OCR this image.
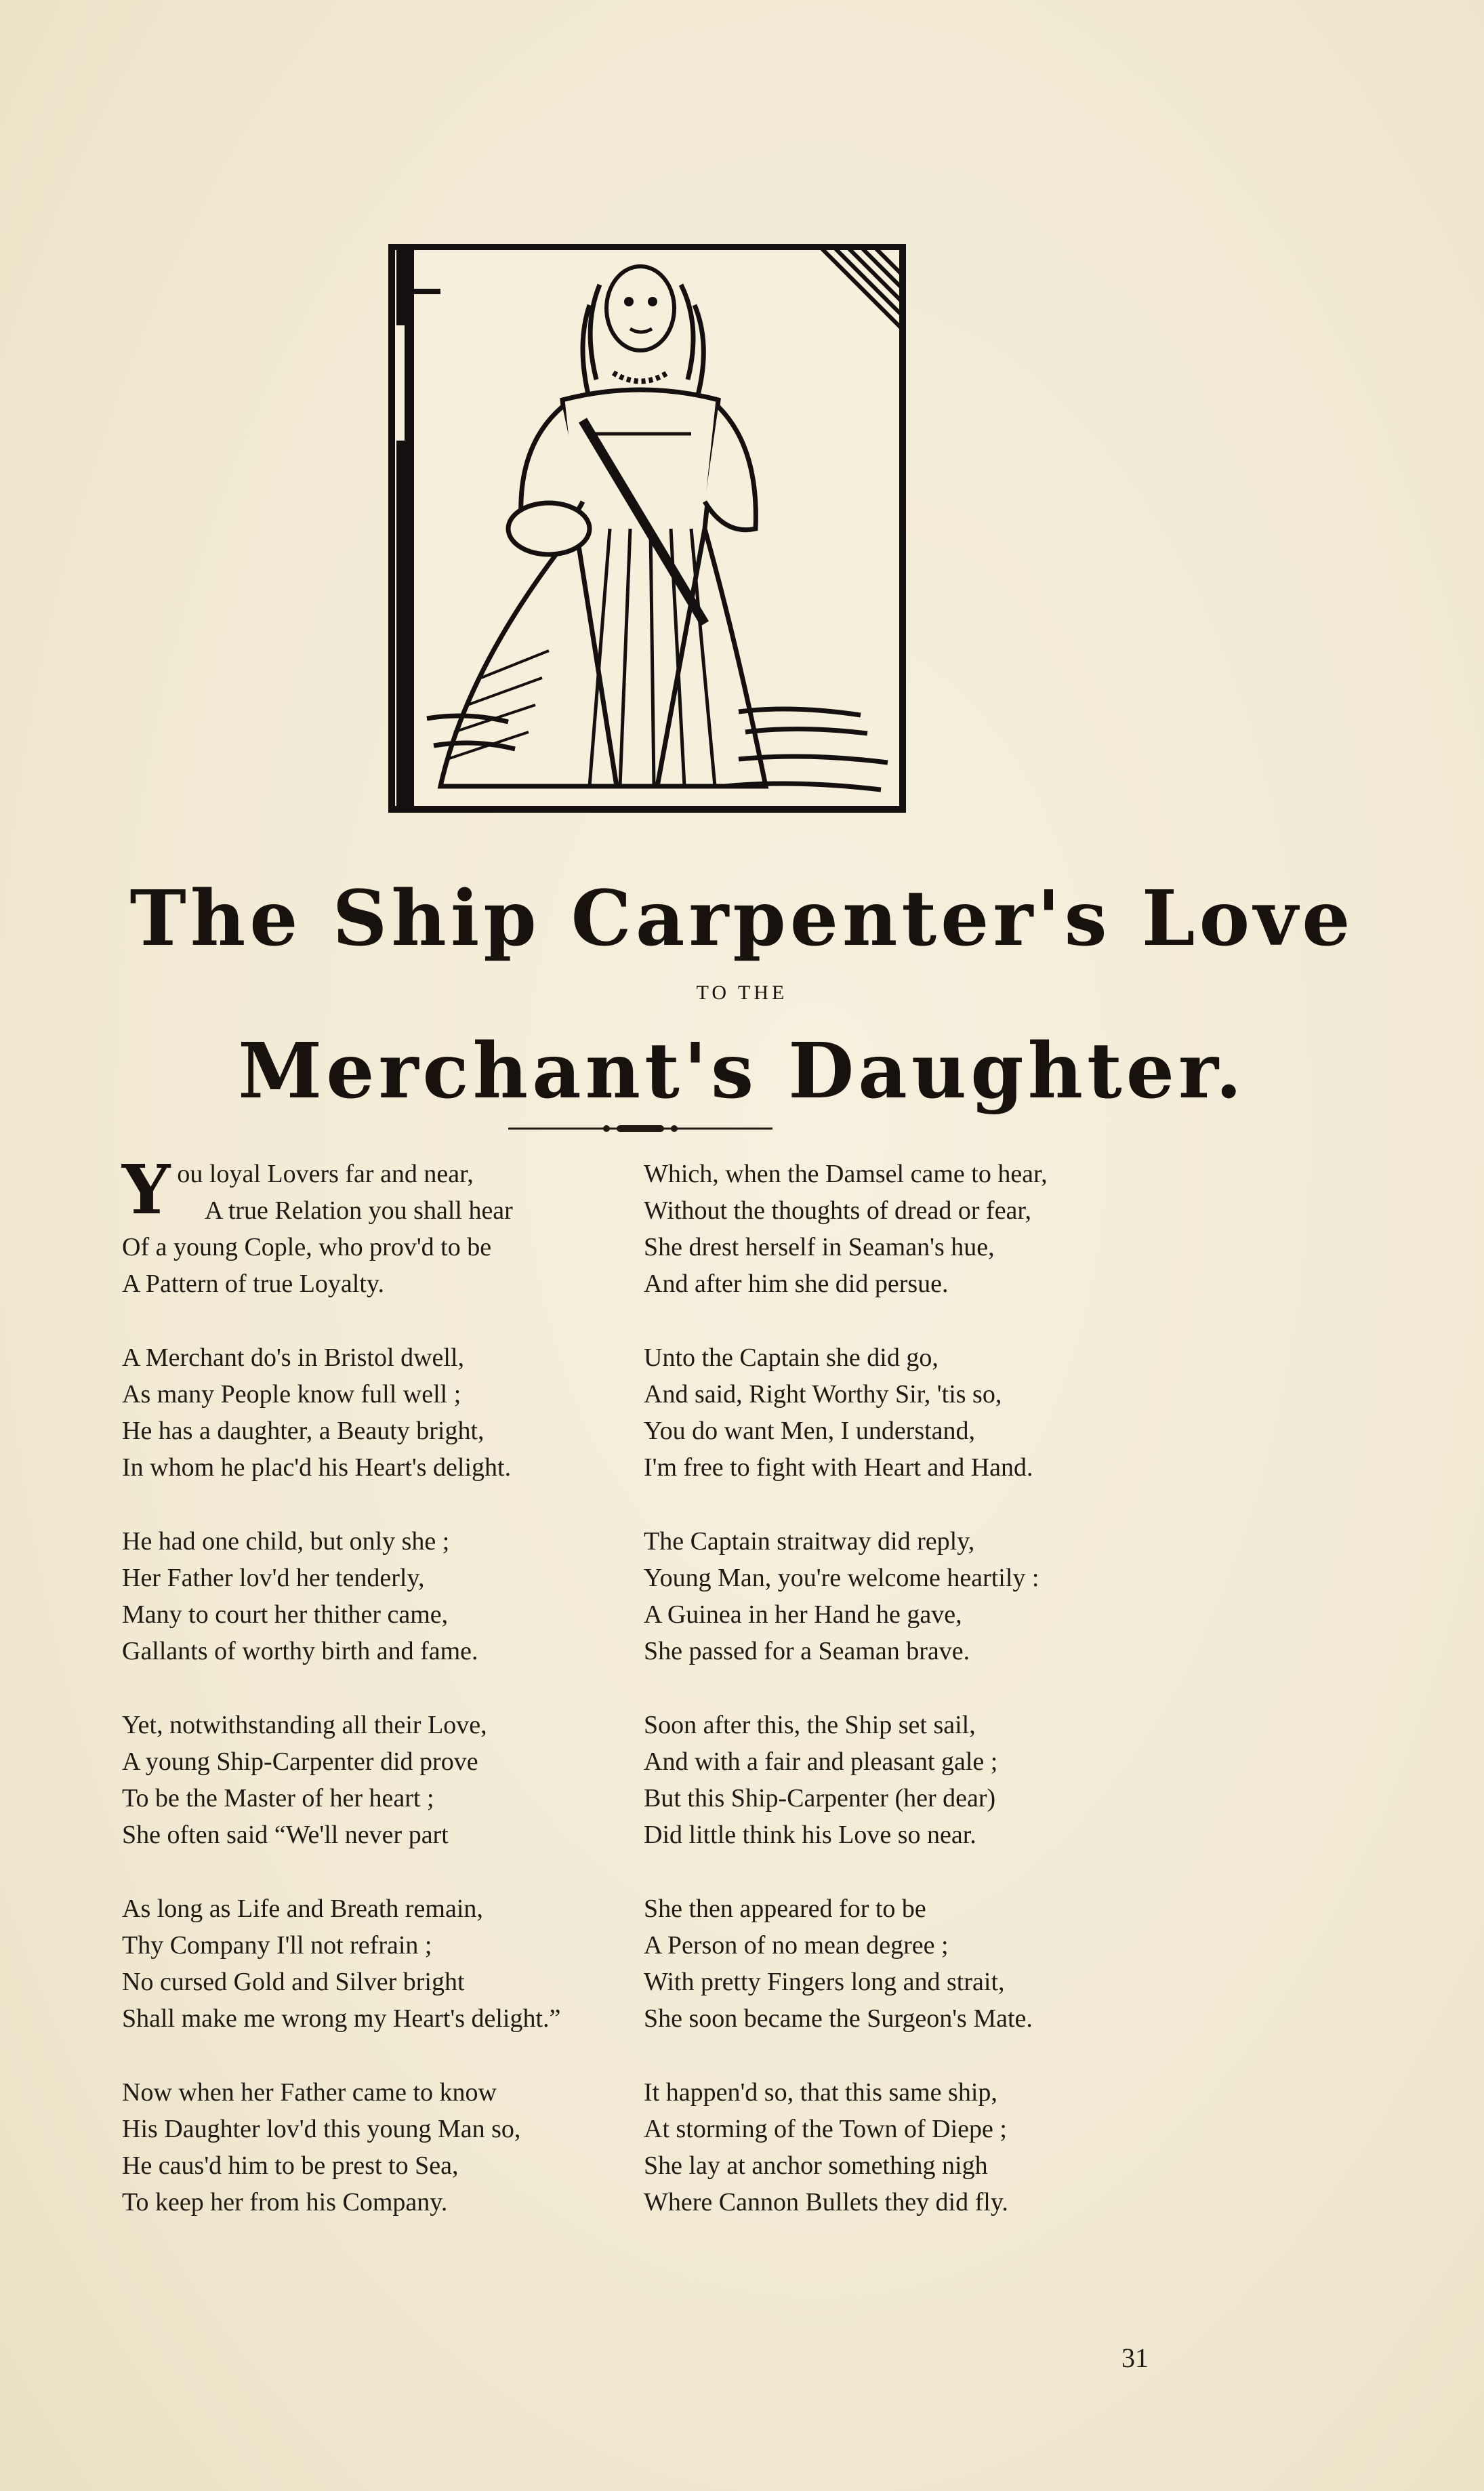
The Ship Carpenter's Love
TO THE
Merchant's Daughter.
Y ou loyal Lovers far and near,
A true Relation you shall hear
Of a young Cople, who prov'd to be
A Pattern of true Loyalty.
A Merchant do's in Bristol dwell,
As many People know full well ;
He has a daughter, a Beauty bright,
In whom he plac'd his Heart's delight.
He had one child, but only she ;
Her Father lov'd her tenderly,
Many to court her thither came,
Gallants of worthy birth and fame.
Yet, notwithstanding all their Love,
A young Ship-Carpenter did prove
To be the Master of her heart ;
She often said “We'll never part
As long as Life and Breath remain,
Thy Company I'll not refrain ;
No cursed Gold and Silver bright
Shall make me wrong my Heart's delight.”
Now when her Father came to know
His Daughter lov'd this young Man so,
He caus'd him to be prest to Sea,
To keep her from his Company.
Which, when the Damsel came to hear,
Without the thoughts of dread or fear,
She drest herself in Seaman's hue,
And after him she did persue.
Unto the Captain she did go,
And said, Right Worthy Sir, 'tis so,
You do want Men, I understand,
I'm free to fight with Heart and Hand.
The Captain straitway did reply,
Young Man, you're welcome heartily :
A Guinea in her Hand he gave,
She passed for a Seaman brave.
Soon after this, the Ship set sail,
And with a fair and pleasant gale ;
But this Ship-Carpenter (her dear)
Did little think his Love so near.
She then appeared for to be
A Person of no mean degree ;
With pretty Fingers long and strait,
She soon became the Surgeon's Mate.
It happen'd so, that this same ship,
At storming of the Town of Diepe ;
She lay at anchor something nigh
Where Cannon Bullets they did fly.
31
